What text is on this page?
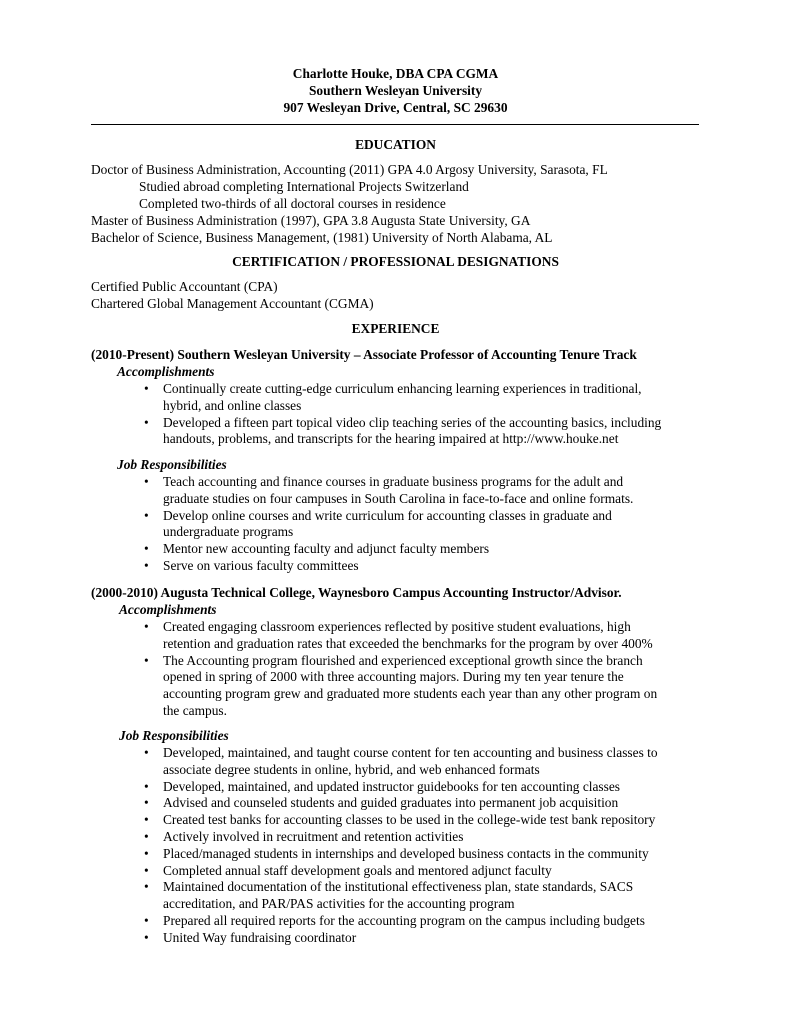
Charlotte Houke, DBA CPA CGMA
Southern Wesleyan University
907 Wesleyan Drive, Central, SC 29630
EDUCATION
Doctor of Business Administration, Accounting (2011) GPA 4.0 Argosy University, Sarasota, FL
Studied abroad completing International Projects Switzerland
Completed two-thirds of all doctoral courses in residence
Master of Business Administration (1997), GPA 3.8 Augusta State University, GA
Bachelor of Science, Business Management, (1981) University of North Alabama, AL
CERTIFICATION / PROFESSIONAL DESIGNATIONS
Certified Public Accountant (CPA)
Chartered Global Management Accountant (CGMA)
EXPERIENCE
(2010-Present) Southern Wesleyan University – Associate Professor of Accounting Tenure Track
Accomplishments
• Continually create cutting-edge curriculum enhancing learning experiences in traditional,
hybrid, and online classes
• Developed a fifteen part topical video clip teaching series of the accounting basics, including
handouts, problems, and transcripts for the hearing impaired at http://www.houke.net
Job Responsibilities
• Teach accounting and finance courses in graduate business programs for the adult and
graduate studies on four campuses in South Carolina in face-to-face and online formats.
• Develop online courses and write curriculum for accounting classes in graduate and
undergraduate programs
• Mentor new accounting faculty and adjunct faculty members
• Serve on various faculty committees
(2000-2010) Augusta Technical College, Waynesboro Campus Accounting Instructor/Advisor.
Accomplishments
• Created engaging classroom experiences reflected by positive student evaluations, high
retention and graduation rates that exceeded the benchmarks for the program by over 400%
• The Accounting program flourished and experienced exceptional growth since the branch
opened in spring of 2000 with three accounting majors. During my ten year tenure the
accounting program grew and graduated more students each year than any other program on
the campus.
Job Responsibilities
• Developed, maintained, and taught course content for ten accounting and business classes to
associate degree students in online, hybrid, and web enhanced formats
• Developed, maintained, and updated instructor guidebooks for ten accounting classes
• Advised and counseled students and guided graduates into permanent job acquisition
• Created test banks for accounting classes to be used in the college-wide test bank repository
• Actively involved in recruitment and retention activities
• Placed/managed students in internships and developed business contacts in the community
• Completed annual staff development goals and mentored adjunct faculty
• Maintained documentation of the institutional effectiveness plan, state standards, SACS
accreditation, and PAR/PAS activities for the accounting program
• Prepared all required reports for the accounting program on the campus including budgets
• United Way fundraising coordinator
